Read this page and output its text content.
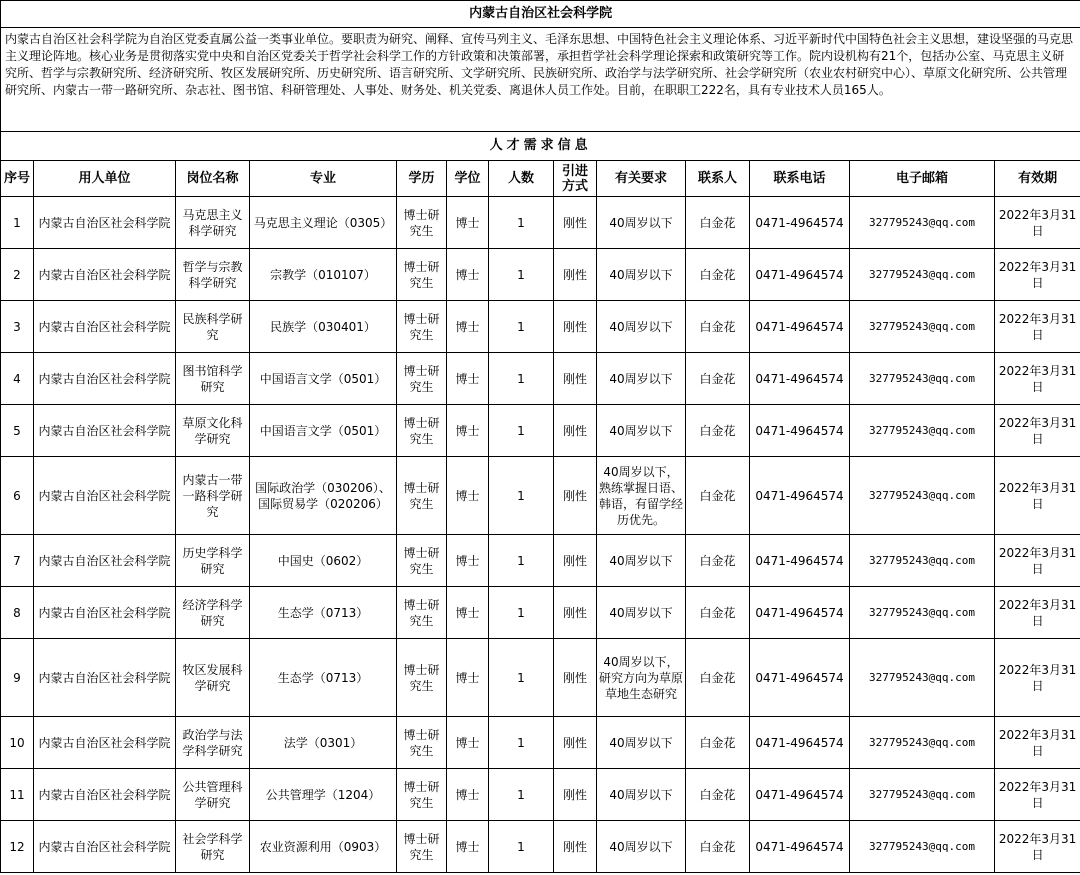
内蒙古自治区社会科学院												
内蒙古自治区社会科学院为自治区党委直属公益一类事业单位。要职责为研究、阐释、宣传马列主义、毛泽东思想、中国特色社会主义理论体系、习近平新时代中国特色社会主义思想，建设坚强的马克思主义理论阵地。核心业务是贯彻落实党中央和自治区党委关于哲学社会科学工作的方针政策和决策部署，承担哲学社会科学理论探索和政策研究等工作。院内设机构有21个，包括办公室、马克思主义研究所、哲学与宗教研究所、经济研究所、牧区发展研究所、历史研究所、语言研究所、文学研究所、民族研究所、政治学与法学研究所、社会学研究所（农业农村研究中心）、草原文化研究所、公共管理研究所、内蒙古一带一路研究所、杂志社、图书馆、科研管理处、人事处、财务处、机关党委、离退休人员工作处。目前，在职职工222名，具有专业技术人员165人。												
人才需求信息												
序号	用人单位	岗位名称	专业	学历	学位	人数	引进方式	有关要求	联系人	联系电话	电子邮箱	有效期
1	内蒙古自治区社会科学院	马克思主义科学研究	马克思主义理论（0305）	博士研究生	博士	1	刚性	40周岁以下	白金花	0471-4964574	327795243@qq.com	2022年3月31日
2	内蒙古自治区社会科学院	哲学与宗教科学研究	宗教学（010107）	博士研究生	博士	1	刚性	40周岁以下	白金花	0471-4964574	327795243@qq.com	2022年3月31日
3	内蒙古自治区社会科学院	民族科学研究	民族学（030401）	博士研究生	博士	1	刚性	40周岁以下	白金花	0471-4964574	327795243@qq.com	2022年3月31日
4	内蒙古自治区社会科学院	图书馆科学研究	中国语言文学（0501）	博士研究生	博士	1	刚性	40周岁以下	白金花	0471-4964574	327795243@qq.com	2022年3月31日
5	内蒙古自治区社会科学院	草原文化科学研究	中国语言文学（0501）	博士研究生	博士	1	刚性	40周岁以下	白金花	0471-4964574	327795243@qq.com	2022年3月31日
6	内蒙古自治区社会科学院	内蒙古一带一路科学研究	国际政治学（030206）、国际贸易学（020206）	博士研究生	博士	1	刚性	40周岁以下，熟练掌握日语、韩语，有留学经历优先。	白金花	0471-4964574	327795243@qq.com	2022年3月31日
7	内蒙古自治区社会科学院	历史学科学研究	中国史（0602）	博士研究生	博士	1	刚性	40周岁以下	白金花	0471-4964574	327795243@qq.com	2022年3月31日
8	内蒙古自治区社会科学院	经济学科学研究	生态学（0713）	博士研究生	博士	1	刚性	40周岁以下	白金花	0471-4964574	327795243@qq.com	2022年3月31日
9	内蒙古自治区社会科学院	牧区发展科学研究	生态学（0713）	博士研究生	博士	1	刚性	40周岁以下，研究方向为草原草地生态研究	白金花	0471-4964574	327795243@qq.com	2022年3月31日
10	内蒙古自治区社会科学院	政治学与法学科学研究	法学（0301）	博士研究生	博士	1	刚性	40周岁以下	白金花	0471-4964574	327795243@qq.com	2022年3月31日
11	内蒙古自治区社会科学院	公共管理科学研究	公共管理学（1204）	博士研究生	博士	1	刚性	40周岁以下	白金花	0471-4964574	327795243@qq.com	2022年3月31日
12	内蒙古自治区社会科学院	社会学科学研究	农业资源利用（0903）	博士研究生	博士	1	刚性	40周岁以下	白金花	0471-4964574	327795243@qq.com	2022年3月31日
